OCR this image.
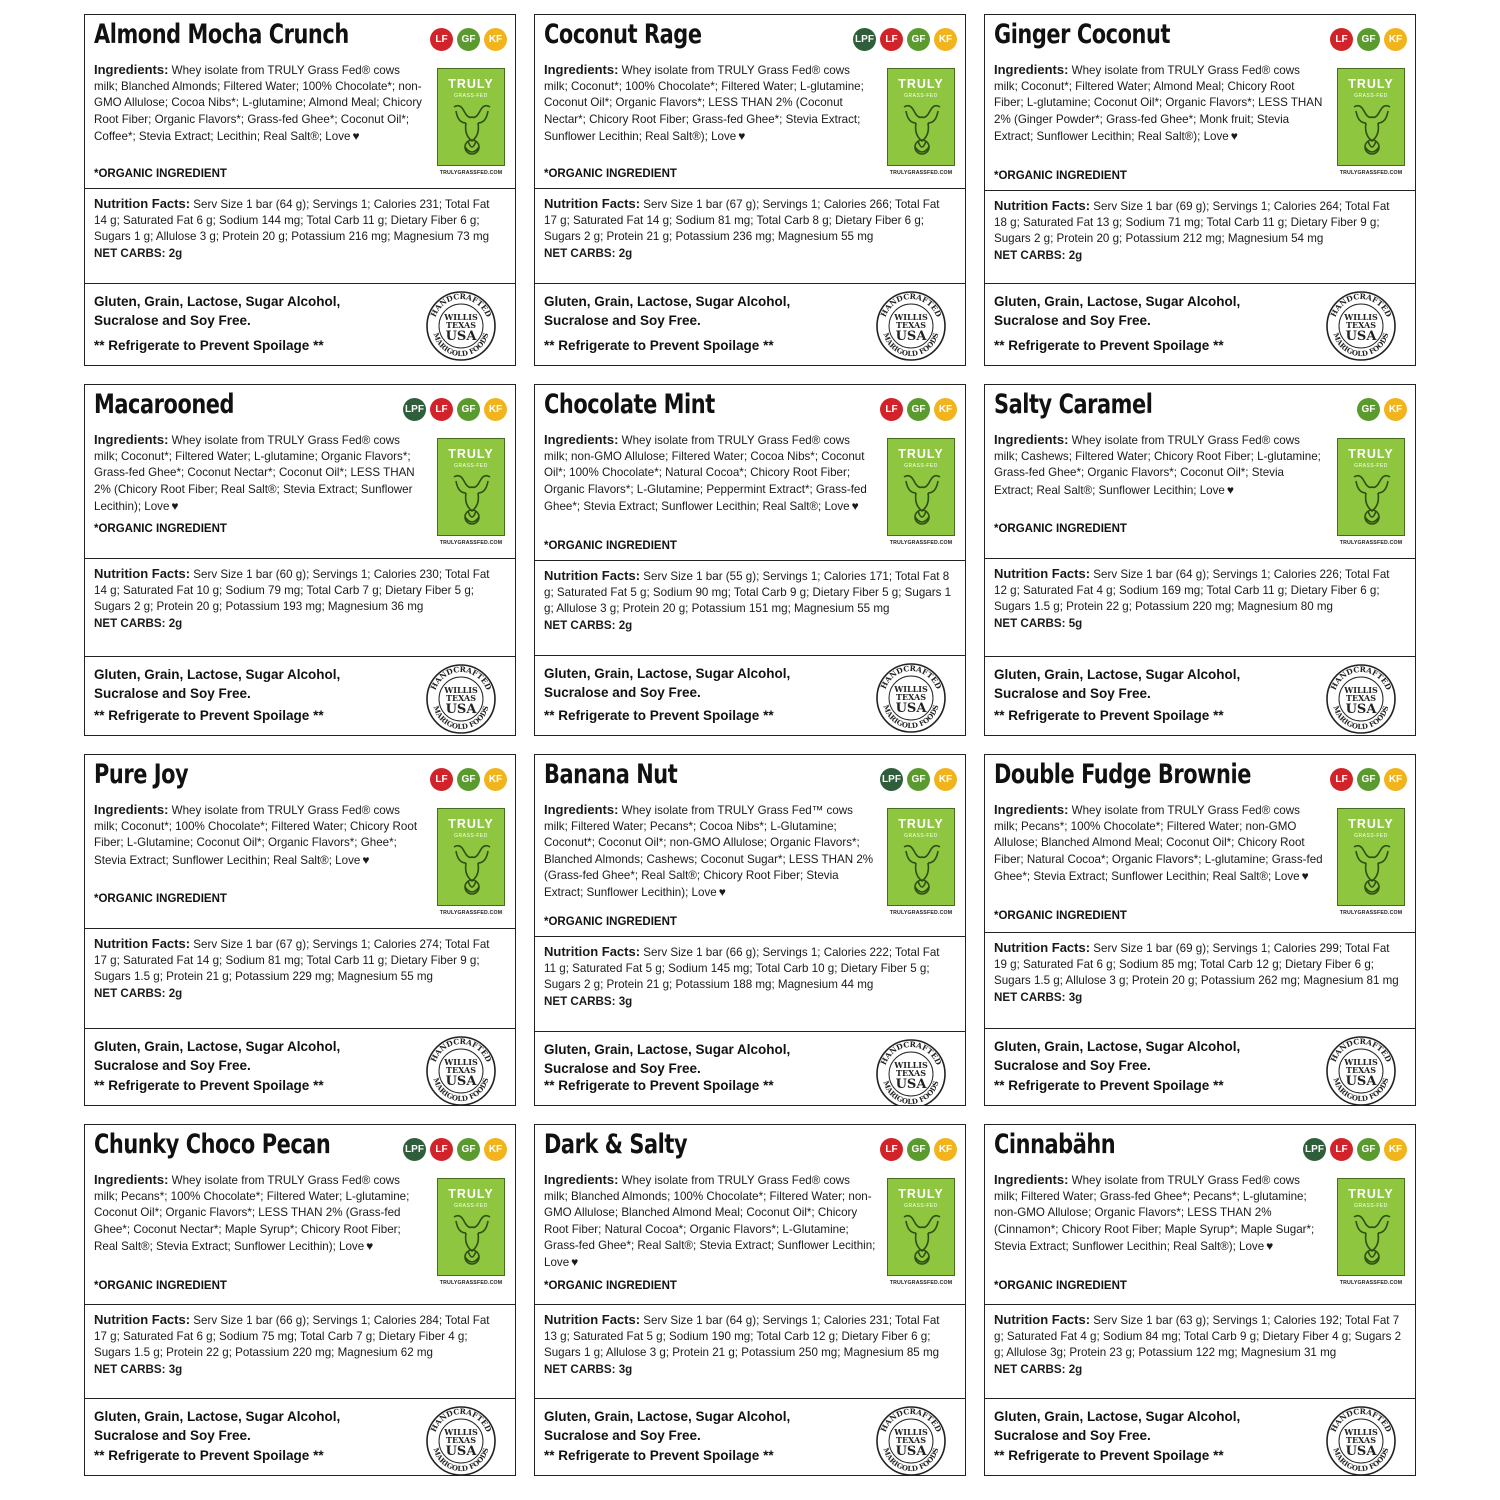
Almond Mocha Crunch	LF	GF	KF
Ingredients: Whey isolate from TRULY Grass Fed® cows milk; Blanched Almonds; Filtered Water; 100% Chocolate*; non-GMO Allulose; Cocoa Nibs*; L-glutamine; Almond Meal; Chicory Root Fiber; Organic Flavors*; Grass-fed Ghee*; Coconut Oil*; Coffee*; Stevia Extract; Lecithin; Real Salt®; Love ♥
*ORGANIC INGREDIENT
TRULY
GRASS-FED
TRULYGRASSFED.COM
Nutrition Facts: Serv Size 1 bar (64 g); Servings 1; Calories 231; Total Fat 14 g; Saturated Fat 6 g; Sodium 144 mg; Total Carb 11 g; Dietary Fiber 6 g; Sugars 1 g; Allulose 3 g; Protein 20 g; Potassium 216 mg; Magnesium 73 mg
NET CARBS: 2g
Gluten, Grain, Lactose, Sugar Alcohol, Sucralose and Soy Free.
** Refrigerate to Prevent Spoilage **
HANDCRAFTED
MARIGOLD FOODS
WILLIS
TEXAS
USA
Coconut Rage	LPF	LF	GF	KF
Ingredients: Whey isolate from TRULY Grass Fed® cows milk; Coconut*; 100% Chocolate*; Filtered Water; L-glutamine; Coconut Oil*; Organic Flavors*; LESS THAN 2% (Coconut Nectar*; Chicory Root Fiber; Grass-fed Ghee*; Stevia Extract; Sunflower Lecithin; Real Salt®); Love ♥
*ORGANIC INGREDIENT
TRULY
GRASS-FED
TRULYGRASSFED.COM
Nutrition Facts: Serv Size 1 bar (67 g); Servings 1; Calories 266; Total Fat 17 g; Saturated Fat 14 g; Sodium 81 mg; Total Carb 8 g; Dietary Fiber 6 g; Sugars 2 g; Protein 21 g; Potassium 236 mg; Magnesium 55 mg
NET CARBS: 2g
Gluten, Grain, Lactose, Sugar Alcohol, Sucralose and Soy Free.
** Refrigerate to Prevent Spoilage **
HANDCRAFTED
MARIGOLD FOODS
WILLIS
TEXAS
USA
Ginger Coconut	LF	GF	KF
Ingredients: Whey isolate from TRULY Grass Fed® cows milk; Coconut*; Filtered Water; Almond Meal; Chicory Root Fiber; L-glutamine; Coconut Oil*; Organic Flavors*; LESS THAN 2% (Ginger Powder*; Grass-fed Ghee*; Monk fruit; Stevia Extract; Sunflower Lecithin; Real Salt®); Love ♥
*ORGANIC INGREDIENT
TRULY
GRASS-FED
TRULYGRASSFED.COM
Nutrition Facts: Serv Size 1 bar (69 g); Servings 1; Calories 264; Total Fat 18 g; Saturated Fat 13 g; Sodium 71 mg; Total Carb 11 g; Dietary Fiber 9 g; Sugars 2 g; Protein 20 g; Potassium 212 mg; Magnesium 54 mg
NET CARBS: 2g
Gluten, Grain, Lactose, Sugar Alcohol, Sucralose and Soy Free.
** Refrigerate to Prevent Spoilage **
HANDCRAFTED
MARIGOLD FOODS
WILLIS
TEXAS
USA
Macarooned	LPF	LF	GF	KF
Ingredients: Whey isolate from TRULY Grass Fed® cows milk; Coconut*; Filtered Water; L-glutamine; Organic Flavors*; Grass-fed Ghee*; Coconut Nectar*; Coconut Oil*; LESS THAN 2% (Chicory Root Fiber; Real Salt®; Stevia Extract; Sunflower Lecithin); Love ♥
*ORGANIC INGREDIENT
TRULY
GRASS-FED
TRULYGRASSFED.COM
Nutrition Facts: Serv Size 1 bar (60 g); Servings 1; Calories 230; Total Fat 14 g; Saturated Fat 10 g; Sodium 79 mg; Total Carb 7 g; Dietary Fiber 5 g; Sugars 2 g; Protein 20 g; Potassium 193 mg; Magnesium 36 mg
NET CARBS: 2g
Gluten, Grain, Lactose, Sugar Alcohol, Sucralose and Soy Free.
** Refrigerate to Prevent Spoilage **
HANDCRAFTED
MARIGOLD FOODS
WILLIS
TEXAS
USA
Chocolate Mint	LF	GF	KF
Ingredients: Whey isolate from TRULY Grass Fed® cows milk; non-GMO Allulose; Filtered Water; Cocoa Nibs*; Coconut Oil*; 100% Chocolate*; Natural Cocoa*; Chicory Root Fiber; Organic Flavors*; L-Glutamine; Peppermint Extract*; Grass-fed Ghee*; Stevia Extract; Sunflower Lecithin; Real Salt®; Love ♥
*ORGANIC INGREDIENT
TRULY
GRASS-FED
TRULYGRASSFED.COM
Nutrition Facts: Serv Size 1 bar (55 g); Servings 1; Calories 171; Total Fat 8 g; Saturated Fat 5 g; Sodium 90 mg; Total Carb 9 g; Dietary Fiber 5 g; Sugars 1 g; Allulose 3 g; Protein 20 g; Potassium 151 mg; Magnesium 55 mg
NET CARBS: 2g
Gluten, Grain, Lactose, Sugar Alcohol, Sucralose and Soy Free.
** Refrigerate to Prevent Spoilage **
HANDCRAFTED
MARIGOLD FOODS
WILLIS
TEXAS
USA
Salty Caramel	GF	KF
Ingredients: Whey isolate from TRULY Grass Fed® cows milk; Cashews; Filtered Water; Chicory Root Fiber; L-glutamine; Grass-fed Ghee*; Organic Flavors*; Coconut Oil*; Stevia Extract; Real Salt®; Sunflower Lecithin; Love ♥
*ORGANIC INGREDIENT
TRULY
GRASS-FED
TRULYGRASSFED.COM
Nutrition Facts: Serv Size 1 bar (64 g); Servings 1; Calories 226; Total Fat 12 g; Saturated Fat 4 g; Sodium 169 mg; Total Carb 11 g; Dietary Fiber 6 g; Sugars 1.5 g; Protein 22 g; Potassium 220 mg; Magnesium 80 mg
NET CARBS: 5g
Gluten, Grain, Lactose, Sugar Alcohol, Sucralose and Soy Free.
** Refrigerate to Prevent Spoilage **
HANDCRAFTED
MARIGOLD FOODS
WILLIS
TEXAS
USA
Pure Joy	LF	GF	KF
Ingredients: Whey isolate from TRULY Grass Fed® cows milk; Coconut*; 100% Chocolate*; Filtered Water; Chicory Root Fiber; L-Glutamine; Coconut Oil*; Organic Flavors*; Ghee*; Stevia Extract; Sunflower Lecithin; Real Salt®; Love ♥
*ORGANIC INGREDIENT
TRULY
GRASS-FED
TRULYGRASSFED.COM
Nutrition Facts: Serv Size 1 bar (67 g); Servings 1; Calories 274; Total Fat 17 g; Saturated Fat 14 g; Sodium 81 mg; Total Carb 11 g; Dietary Fiber 9 g; Sugars 1.5 g; Protein 21 g; Potassium 229 mg; Magnesium 55 mg
NET CARBS: 2g
Gluten, Grain, Lactose, Sugar Alcohol, Sucralose and Soy Free.
** Refrigerate to Prevent Spoilage **
HANDCRAFTED
MARIGOLD FOODS
WILLIS
TEXAS
USA
Banana Nut	LPF	GF	KF
Ingredients: Whey isolate from TRULY Grass Fed™ cows milk; Filtered Water; Pecans*; Cocoa Nibs*; L-Glutamine; Coconut*; Coconut Oil*; non-GMO Allulose; Organic Flavors*; Blanched Almonds; Cashews; Coconut Sugar*; LESS THAN 2% (Grass-fed Ghee*; Real Salt®; Chicory Root Fiber; Stevia Extract; Sunflower Lecithin); Love ♥
*ORGANIC INGREDIENT
TRULY
GRASS-FED
TRULYGRASSFED.COM
Nutrition Facts: Serv Size 1 bar (66 g); Servings 1; Calories 222; Total Fat 11 g; Saturated Fat 5 g; Sodium 145 mg; Total Carb 10 g; Dietary Fiber 5 g; Sugars 2 g; Protein 21 g; Potassium 188 mg; Magnesium 44 mg
NET CARBS: 3g
Gluten, Grain, Lactose, Sugar Alcohol, Sucralose and Soy Free.
** Refrigerate to Prevent Spoilage **
HANDCRAFTED
MARIGOLD FOODS
WILLIS
TEXAS
USA
Double Fudge Brownie	LF	GF	KF
Ingredients: Whey isolate from TRULY Grass Fed® cows milk; Pecans*; 100% Chocolate*; Filtered Water; non-GMO Allulose; Blanched Almond Meal; Coconut Oil*; Chicory Root Fiber; Natural Cocoa*; Organic Flavors*; L-glutamine; Grass-fed Ghee*; Stevia Extract; Sunflower Lecithin; Real Salt®; Love ♥
*ORGANIC INGREDIENT
TRULY
GRASS-FED
TRULYGRASSFED.COM
Nutrition Facts: Serv Size 1 bar (69 g); Servings 1; Calories 299; Total Fat 19 g; Saturated Fat 6 g; Sodium 85 mg; Total Carb 12 g; Dietary Fiber 6 g; Sugars 1.5 g; Allulose 3 g; Protein 20 g; Potassium 262 mg; Magnesium 81 mg
NET CARBS: 3g
Gluten, Grain, Lactose, Sugar Alcohol, Sucralose and Soy Free.
** Refrigerate to Prevent Spoilage **
HANDCRAFTED
MARIGOLD FOODS
WILLIS
TEXAS
USA
Chunky Choco Pecan	LPF	LF	GF	KF
Ingredients: Whey isolate from TRULY Grass Fed® cows milk; Pecans*; 100% Chocolate*; Filtered Water; L-glutamine; Coconut Oil*; Organic Flavors*; LESS THAN 2% (Grass-fed Ghee*; Coconut Nectar*; Maple Syrup*; Chicory Root Fiber; Real Salt®; Stevia Extract; Sunflower Lecithin); Love ♥
*ORGANIC INGREDIENT
TRULY
GRASS-FED
TRULYGRASSFED.COM
Nutrition Facts: Serv Size 1 bar (66 g); Servings 1; Calories 284; Total Fat 17 g; Saturated Fat 6 g; Sodium 75 mg; Total Carb 7 g; Dietary Fiber 4 g; Sugars 1.5 g; Protein 22 g; Potassium 220 mg; Magnesium 62 mg
NET CARBS: 3g
Gluten, Grain, Lactose, Sugar Alcohol, Sucralose and Soy Free.
** Refrigerate to Prevent Spoilage **
HANDCRAFTED
MARIGOLD FOODS
WILLIS
TEXAS
USA
Dark & Salty	LF	GF	KF
Ingredients: Whey isolate from TRULY Grass Fed® cows milk; Blanched Almonds; 100% Chocolate*; Filtered Water; non-GMO Allulose; Blanched Almond Meal; Coconut Oil*; Chicory Root Fiber; Natural Cocoa*; Organic Flavors*; L-Glutamine; Grass-fed Ghee*; Real Salt®; Stevia Extract; Sunflower Lecithin; Love ♥
*ORGANIC INGREDIENT
TRULY
GRASS-FED
TRULYGRASSFED.COM
Nutrition Facts: Serv Size 1 bar (64 g); Servings 1; Calories 231; Total Fat 13 g; Saturated Fat 5 g; Sodium 190 mg; Total Carb 12 g; Dietary Fiber 6 g; Sugars 1 g; Allulose 3 g; Protein 21 g; Potassium 250 mg; Magnesium 85 mg
NET CARBS: 3g
Gluten, Grain, Lactose, Sugar Alcohol, Sucralose and Soy Free.
** Refrigerate to Prevent Spoilage **
HANDCRAFTED
MARIGOLD FOODS
WILLIS
TEXAS
USA
Cinnabähn	LPF	LF	GF	KF
Ingredients: Whey isolate from TRULY Grass Fed® cows milk; Filtered Water; Grass-fed Ghee*; Pecans*; L-glutamine; non-GMO Allulose; Organic Flavors*; LESS THAN 2% (Cinnamon*; Chicory Root Fiber; Maple Syrup*; Maple Sugar*; Stevia Extract; Sunflower Lecithin; Real Salt®); Love ♥
*ORGANIC INGREDIENT
TRULY
GRASS-FED
TRULYGRASSFED.COM
Nutrition Facts: Serv Size 1 bar (63 g); Servings 1; Calories 192; Total Fat 7 g; Saturated Fat 4 g; Sodium 84 mg; Total Carb 9 g; Dietary Fiber 4 g; Sugars 2 g; Allulose 3g; Protein 23 g; Potassium 122 mg; Magnesium 31 mg
NET CARBS: 2g
Gluten, Grain, Lactose, Sugar Alcohol, Sucralose and Soy Free.
** Refrigerate to Prevent Spoilage **
HANDCRAFTED
MARIGOLD FOODS
WILLIS
TEXAS
USA
